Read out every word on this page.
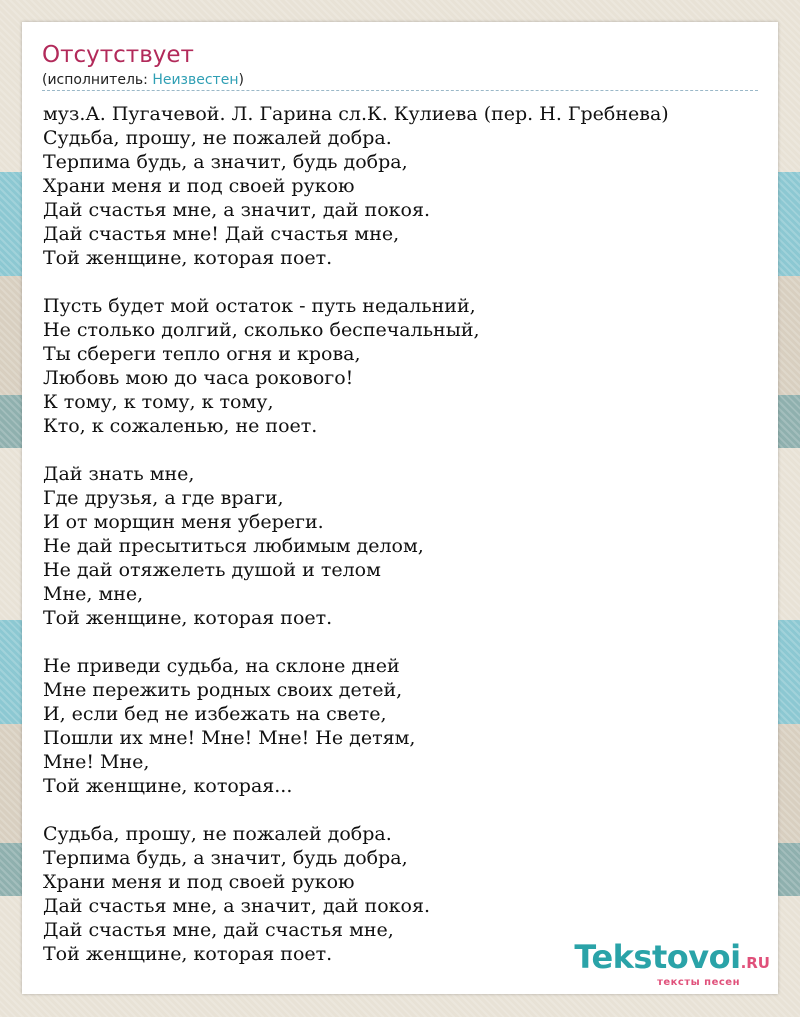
Отсутствует
(исполнитель: Неизвестен)
муз.А. Пугачевой. Л. Гарина сл.К. Кулиева (пер. Н. Гребнева)
Судьба, прошу, не пожалей добра.
Терпима будь, а значит, будь добра,
Храни меня и под своей рукою
Дай счастья мне, а значит, дай покоя.
Дай счастья мне! Дай счастья мне,
Той женщине, которая поет.
Пусть будет мой остаток - путь недальний,
Не столько долгий, сколько беспечальный,
Ты сбереги тепло огня и крова,
Любовь мою до часа рокового!
К тому, к тому, к тому,
Кто, к сожаленью, не поет.
Дай знать мне,
Где друзья, а где враги,
И от морщин меня убереги.
Не дай пресытиться любимым делом,
Не дай отяжелеть душой и телом
Мне, мне,
Той женщине, которая поет.
Не приведи судьба, на склоне дней
Мне пережить родных своих детей,
И, если бед не избежать на свете,
Пошли их мне! Мне! Мне! Не детям,
Мне! Мне,
Той женщине, которая...
Судьба, прошу, не пожалей добра.
Терпима будь, а значит, будь добра,
Храни меня и под своей рукою
Дай счастья мне, а значит, дай покоя.
Дай счастья мне, дай счастья мне,
Той женщине, которая поет.	Tekstovoi.RU
тексты песен
